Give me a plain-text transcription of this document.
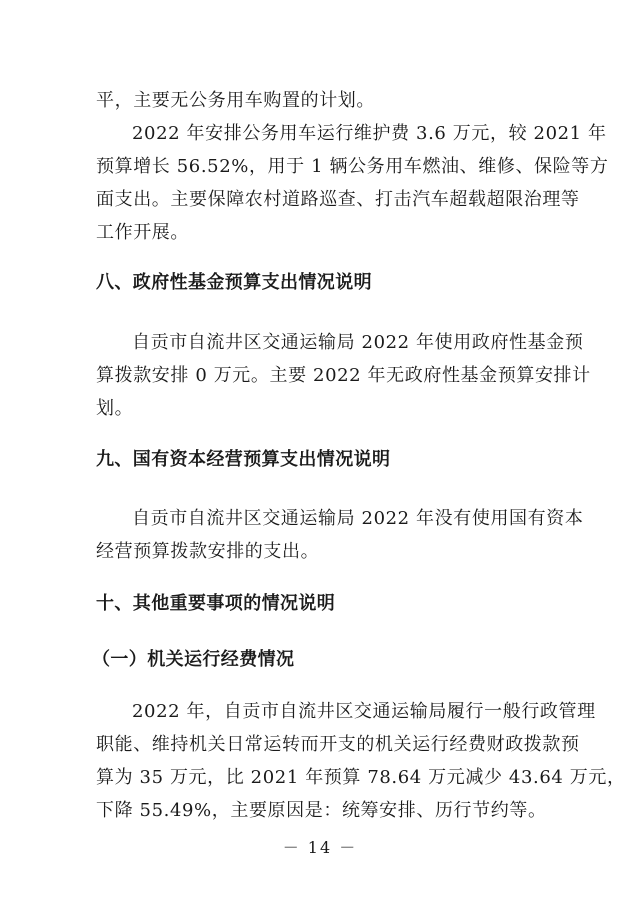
平，主要无公务用车购置的计划。
2022 年安排公务用车运行维护费 3.6 万元，较 2021 年
预算增长 56.52%，用于 1 辆公务用车燃油、维修、保险等方
面支出。主要保障农村道路巡查、打击汽车超载超限治理等
工作开展。
八、政府性基金预算支出情况说明
自贡市自流井区交通运输局 2022 年使用政府性基金预
算拨款安排 0 万元。主要 2022 年无政府性基金预算安排计
划。
九、国有资本经营预算支出情况说明
自贡市自流井区交通运输局 2022 年没有使用国有资本
经营预算拨款安排的支出。
十、其他重要事项的情况说明
（一）机关运行经费情况
2022 年，自贡市自流井区交通运输局履行一般行政管理
职能、维持机关日常运转而开支的机关运行经费财政拨款预
算为 35 万元，比 2021 年预算 78.64 万元减少 43.64 万元，
下降 55.49%，主要原因是：统筹安排、历行节约等。
－ 14 －
